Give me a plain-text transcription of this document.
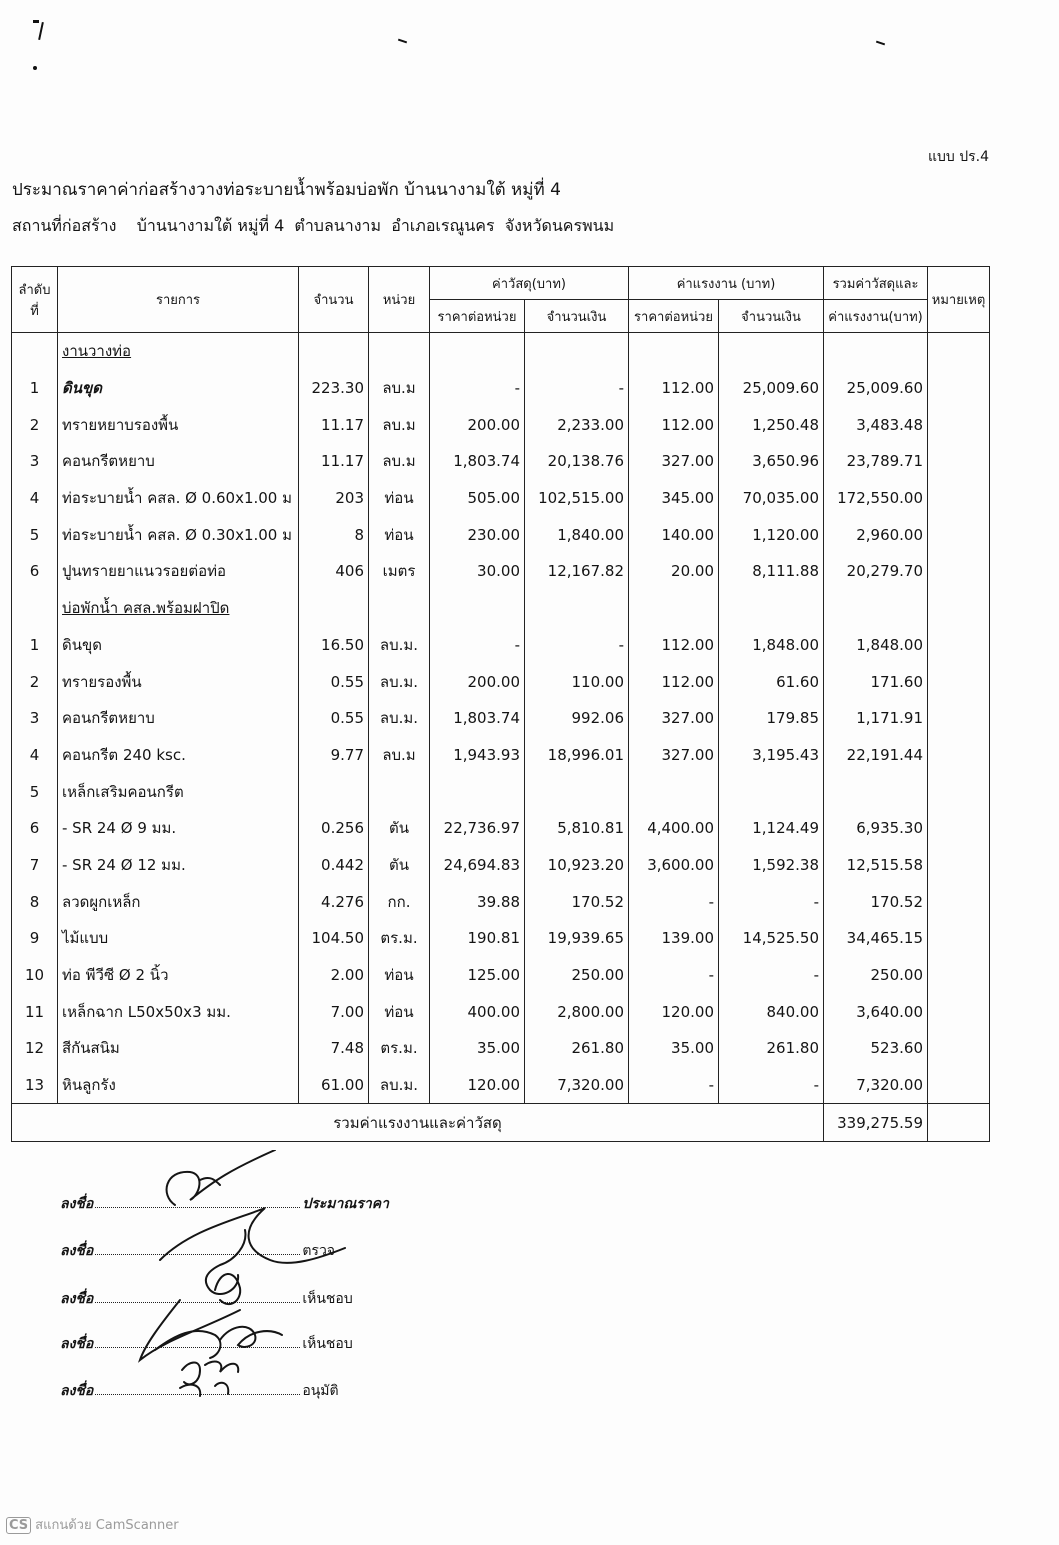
แบบ ปร.4
ประมาณราคาค่าก่อสร้างวางท่อระบายน้ำพร้อมบ่อพัก บ้านนางามใต้ หมู่ที่ 4
สถานที่ก่อสร้าง    บ้านนางามใต้ หมู่ที่ 4  ตำบลนางาม  อำเภอเรณูนคร  จังหวัดนครพนม
ลำดับ
ที่	รายการ	จำนวน	หน่วย	ค่าวัสดุ(บาท)		ค่าแรงงาน (บาท)		รวมค่าวัสดุและ	หมายเหตุ
				ราคาต่อหน่วย	จำนวนเงิน	ราคาต่อหน่วย	จำนวนเงิน	ค่าแรงงาน(บาท)	
	งานวางท่อ								
1	ดินขุด	223.30	ลบ.ม	-	-	112.00	25,009.60	25,009.60	
2	ทรายหยาบรองพื้น	11.17	ลบ.ม	200.00	2,233.00	112.00	1,250.48	3,483.48	
3	คอนกรีตหยาบ	11.17	ลบ.ม	1,803.74	20,138.76	327.00	3,650.96	23,789.71	
4	ท่อระบายน้ำ คสล. Ø 0.60x1.00 ม	203	ท่อน	505.00	102,515.00	345.00	70,035.00	172,550.00	
5	ท่อระบายน้ำ คสล. Ø 0.30x1.00 ม	8	ท่อน	230.00	1,840.00	140.00	1,120.00	2,960.00	
6	ปูนทรายยาแนวรอยต่อท่อ	406	เมตร	30.00	12,167.82	20.00	8,111.88	20,279.70	
	บ่อพักน้ำ คสล.พร้อมฝาปิด								
1	ดินขุด	16.50	ลบ.ม.	-	-	112.00	1,848.00	1,848.00	
2	ทรายรองพื้น	0.55	ลบ.ม.	200.00	110.00	112.00	61.60	171.60	
3	คอนกรีตหยาบ	0.55	ลบ.ม.	1,803.74	992.06	327.00	179.85	1,171.91	
4	คอนกรีต 240 ksc.	9.77	ลบ.ม	1,943.93	18,996.01	327.00	3,195.43	22,191.44	
5	เหล็กเสริมคอนกรีต								
6	- SR 24 Ø 9 มม.	0.256	ตัน	22,736.97	5,810.81	4,400.00	1,124.49	6,935.30	
7	- SR 24 Ø 12 มม.	0.442	ตัน	24,694.83	10,923.20	3,600.00	1,592.38	12,515.58	
8	ลวดผูกเหล็ก	4.276	กก.	39.88	170.52	-	-	170.52	
9	ไม้แบบ	104.50	ตร.ม.	190.81	19,939.65	139.00	14,525.50	34,465.15	
10	ท่อ พีวีซี Ø 2 นิ้ว	2.00	ท่อน	125.00	250.00	-	-	250.00	
11	เหล็กฉาก L50x50x3 มม.	7.00	ท่อน	400.00	2,800.00	120.00	840.00	3,640.00	
12	สีกันสนิม	7.48	ตร.ม.	35.00	261.80	35.00	261.80	523.60	
13	หินลูกรัง	61.00	ลบ.ม.	120.00	7,320.00	-	-	7,320.00	
รวมค่าแรงงานและค่าวัสดุ								339,275.59	
ลงชื่อ	ประมาณราคา
ลงชื่อ	ตรวจ
ลงชื่อ	เห็นชอบ
ลงชื่อ	เห็นชอบ
ลงชื่อ	อนุมัติ
CS สแกนด้วย CamScanner
